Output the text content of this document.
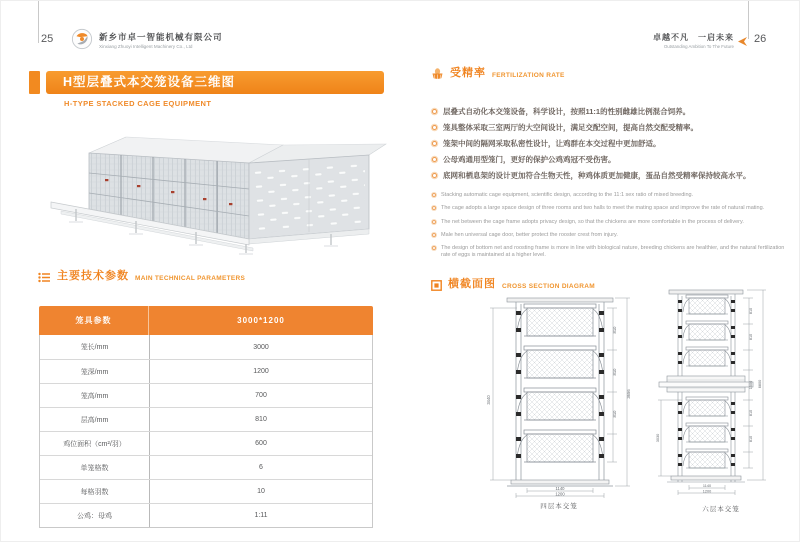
25	新乡市卓一智能机械有限公司
Xinxiang Zhuoyi Intelligent Machinery Co., Ltd
卓越不凡　一启未来
Outstanding Ambition To The Future
26
H型层叠式本交笼设备三维图
H-TYPE STACKED CAGE EQUIPMENT
主要技术参数 MAIN TECHNICAL PARAMETERS
笼具参数	3000*1200
笼长/mm	3000
笼深/mm	1200
笼高/mm	700
层高/mm	810
鸡位面积（cm²/羽）	600
单笼格数	6
每格羽数	10
公鸡：母鸡	1:11
受精率 FERTILIZATION RATE
层叠式自动化本交笼设备，科学设计，按照11:1的性别雌雄比例混合饲养。
笼具整体采取三室两厅的大空间设计，满足交配空间，提高自然交配受精率。
笼架中间的隔网采取私密性设计，让鸡群在本交过程中更加舒适。
公母鸡通用型笼门，更好的保护公鸡鸡冠不受伤害。
底网和栖息架的设计更加符合生物天性，种鸡体质更加健康，蛋品自然受精率保持较高水平。
Stacking automatic cage equipment, scientific design, according to the 11:1 sex ratio of mixed breeding.
The cage adopts a large space design of three rooms and two halls to meet the mating space and improve the rate of natural mating.
The net between the cage frame adopts privacy design, so that the chickens are more comfortable in the process of delivery.
Male hen universal cage door, better protect the rooster crest from injury.
The design of bottom net and roosting frame is more in line with biological nature, breeding chickens are healthier, and the natural fertilization rate of eggs is maintained at a higher level.
横截面图 CROSS SECTION DIAGRAM
3440
810
810
810
3656
1140
1200
四层本交笼
810
810
1500
810
810
6800
3030
1140
1200
六层本交笼
